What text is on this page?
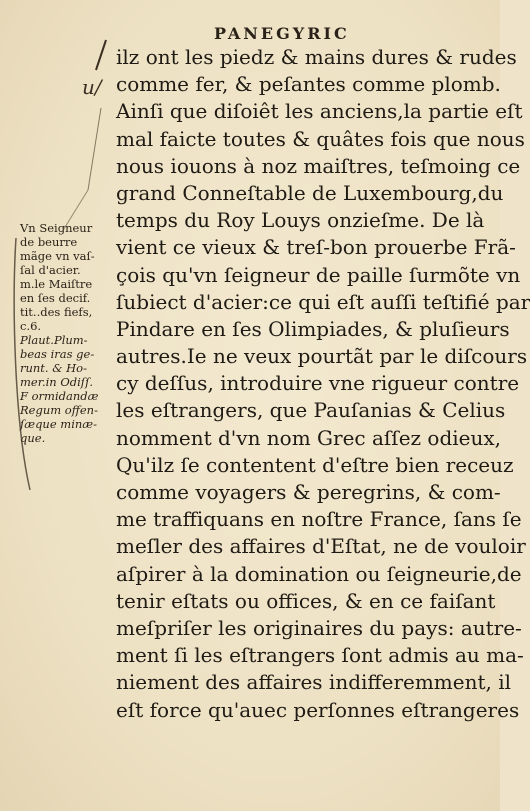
PANEGYRIC
ilz ont les piedz & mains dures & rudes
comme fer, & peſantes comme plomb.
Ainſi que diſoiêt les anciens,la partie eſt
mal faicte toutes & quâtes fois que nous
nous iouons à noz maiſtres, teſmoing ce
grand Conneſtable de Luxembourg,du
temps du Roy Louys onzieſme. De là
vient ce vieux & treſ-bon prouerbe Frã-
çois qu'vn ſeigneur de paille ſurmõte vn
ſubiect d'acier:ce qui eſt auſſi teſtifié par
Pindare en ſes Olimpiades, & pluſieurs
autres.Ie ne veux pourtãt par le diſcours
cy deſſus, introduire vne rigueur contre
les eſtrangers, que Pauſanias & Celius
nomment d'vn nom Grec aſſez odieux,
Qu'ilz ſe contentent d'eſtre bien receuz
comme voyagers & peregrins, & com-
me traffiquans en noſtre France, ſans ſe
meſler des affaires d'Eſtat, ne de vouloir
aſpirer à la domination ou ſeigneurie,de
tenir eſtats ou offices, & en ce faiſant
meſpriſer les originaires du pays: autre-
ment ſi les eſtrangers ſont admis au ma-
niement des affaires indifferemment, il
eſt force qu'auec perſonnes eſtrangeres
Vn Seigneur
de beurre
mãge vn vaſ-
ſal d'acier.
m.le Maiſtre
en ſes decif.
tit..des fiefs,
c.6.
Plaut.Plum-
beas iras ge-
runt. & Ho-
mer.in Odiſſ.
F ormidandæ
Regum offen-
ſæque minæ-
que.
u/
